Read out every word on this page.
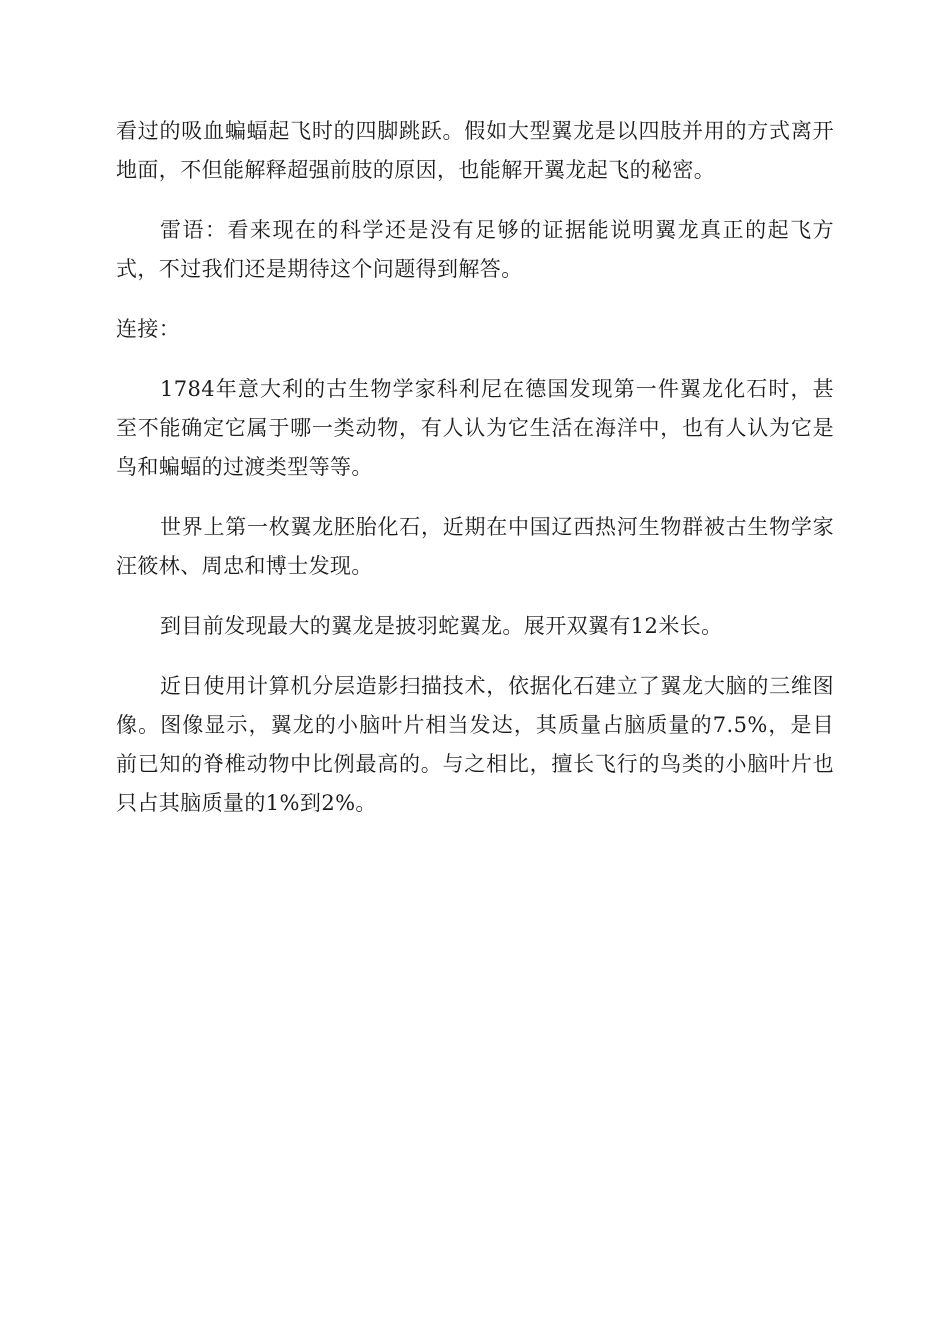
看过的吸血蝙蝠起飞时的四脚跳跃。假如大型翼龙是以四肢并用的方式离开地面，不但能解释超强前肢的原因，也能解开翼龙起飞的秘密。

雷语：看来现在的科学还是没有足够的证据能说明翼龙真正的起飞方式，不过我们还是期待这个问题得到解答。

连接：

1784年意大利的古生物学家科利尼在德国发现第一件翼龙化石时，甚至不能确定它属于哪一类动物，有人认为它生活在海洋中，也有人认为它是鸟和蝙蝠的过渡类型等等。

世界上第一枚翼龙胚胎化石，近期在中国辽西热河生物群被古生物学家汪筱林、周忠和博士发现。

到目前发现最大的翼龙是披羽蛇翼龙。展开双翼有12米长。

近日使用计算机分层造影扫描技术，依据化石建立了翼龙大脑的三维图像。图像显示，翼龙的小脑叶片相当发达，其质量占脑质量的7.5%，是目前已知的脊椎动物中比例最高的。与之相比，擅长飞行的鸟类的小脑叶片也只占其脑质量的1%到2%。
